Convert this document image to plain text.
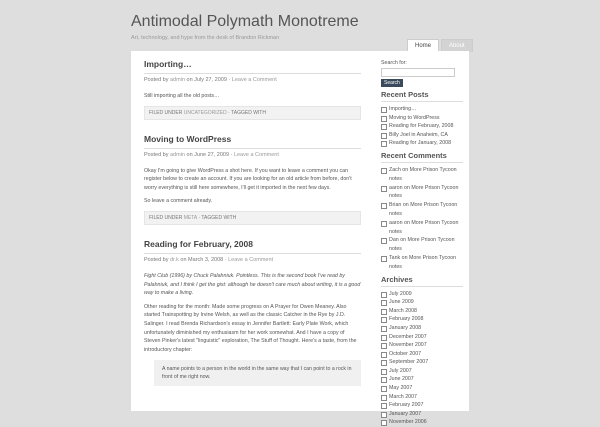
Antimodal Polymath Monotreme
Art, technology, and hype from the desk of Brandon Rickman
Home	About
Importing…
Posted by admin on July 27, 2009 · Leave a Comment

Still importing all the old posts…

FILED UNDER UNCATEGORIZED · TAGGED WITH
Moving to WordPress
Posted by admin on June 27, 2009 · Leave a Comment

Okay I'm going to give WordPress a shot here. If you want to leave a comment you can register below to create an account. If you are looking for an old article from before, don't worry everything is still here somewhere, I'll get it imported in the next few days.

So leave a comment already.

FILED UNDER META · TAGGED WITH
Reading for February, 2008
Posted by dr.k on March 3, 2008 · Leave a Comment

Fight Club (1996) by Chuck Palahniuk. Pointless. This is the second book I've read by Palahniuk, and I think I get the gist: although he doesn't care much about writing, it is a good way to make a living.

Other reading for the month: Made some progress on A Prayer for Owen Meaney. Also started Trainspotting by Irvine Welsh, as well as the classic Catcher in the Rye by J.D. Salinger. I read Brenda Richardson's essay in Jennifer Bartlett: Early Plate Work, which unfortunately diminished my enthusiasm for her work somewhat. And I have a copy of Steven Pinker's latest "linguistic" exploration, The Stuff of Thought. Here's a taste, from the introductory chapter:

A name points to a person in the world in the same way that I can point to a rock in front of me right now.
Search for:
Search
Recent Posts
Importing…
Moving to WordPress
Reading for February, 2008
Billy Joel in Anaheim, CA
Reading for January, 2008
Recent Comments
Zach on More Prison Tycoon notes
aaron on More Prison Tycoon notes
Brian on More Prison Tycoon notes
aaron on More Prison Tycoon notes
Dan on More Prison Tycoon notes
Tank on More Prison Tycoon notes
Archives
July 2009
June 2009
March 2008
February 2008
January 2008
December 2007
November 2007
October 2007
September 2007
July 2007
June 2007
May 2007
March 2007
February 2007
January 2007
November 2006
